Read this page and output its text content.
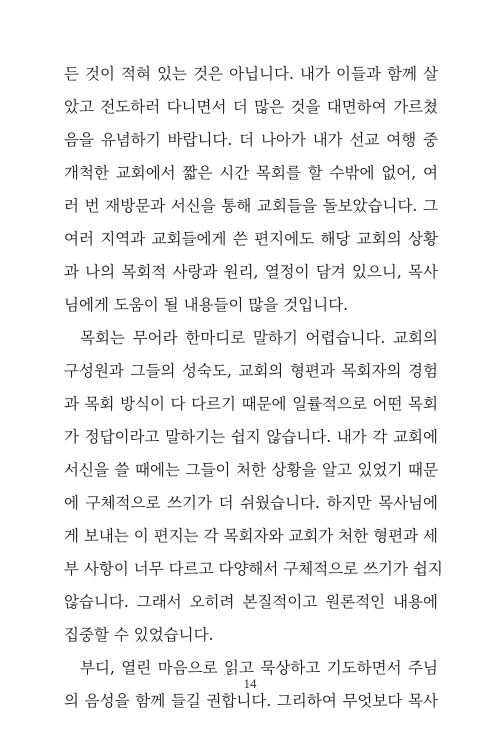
든 것이 적혀 있는 것은 아닙니다. 내가 이들과 함께 살
았고 전도하러 다니면서 더 많은 것을 대면하여 가르쳤
음을 유념하기 바랍니다. 더 나아가 내가 선교 여행 중
개척한 교회에서 짧은 시간 목회를 할 수밖에 없어, 여
러 번 재방문과 서신을 통해 교회들을 돌보았습니다. 그
여러 지역과 교회들에게 쓴 편지에도 해당 교회의 상황
과 나의 목회적 사랑과 원리, 열정이 담겨 있으니, 목사
님에게 도움이 될 내용들이 많을 것입니다.
목회는 무어라 한마디로 말하기 어렵습니다. 교회의
구성원과 그들의 성숙도, 교회의 형편과 목회자의 경험
과 목회 방식이 다 다르기 때문에 일률적으로 어떤 목회
가 정답이라고 말하기는 쉽지 않습니다. 내가 각 교회에
서신을 쓸 때에는 그들이 처한 상황을 알고 있었기 때문
에 구체적으로 쓰기가 더 쉬웠습니다. 하지만 목사님에
게 보내는 이 편지는 각 목회자와 교회가 처한 형편과 세
부 사항이 너무 다르고 다양해서 구체적으로 쓰기가 쉽지
않습니다. 그래서 오히려 본질적이고 원론적인 내용에
집중할 수 있었습니다.
부디, 열린 마음으로 읽고 묵상하고 기도하면서 주님
의 음성을 함께 들길 권합니다. 그리하여 무엇보다 목사
14
